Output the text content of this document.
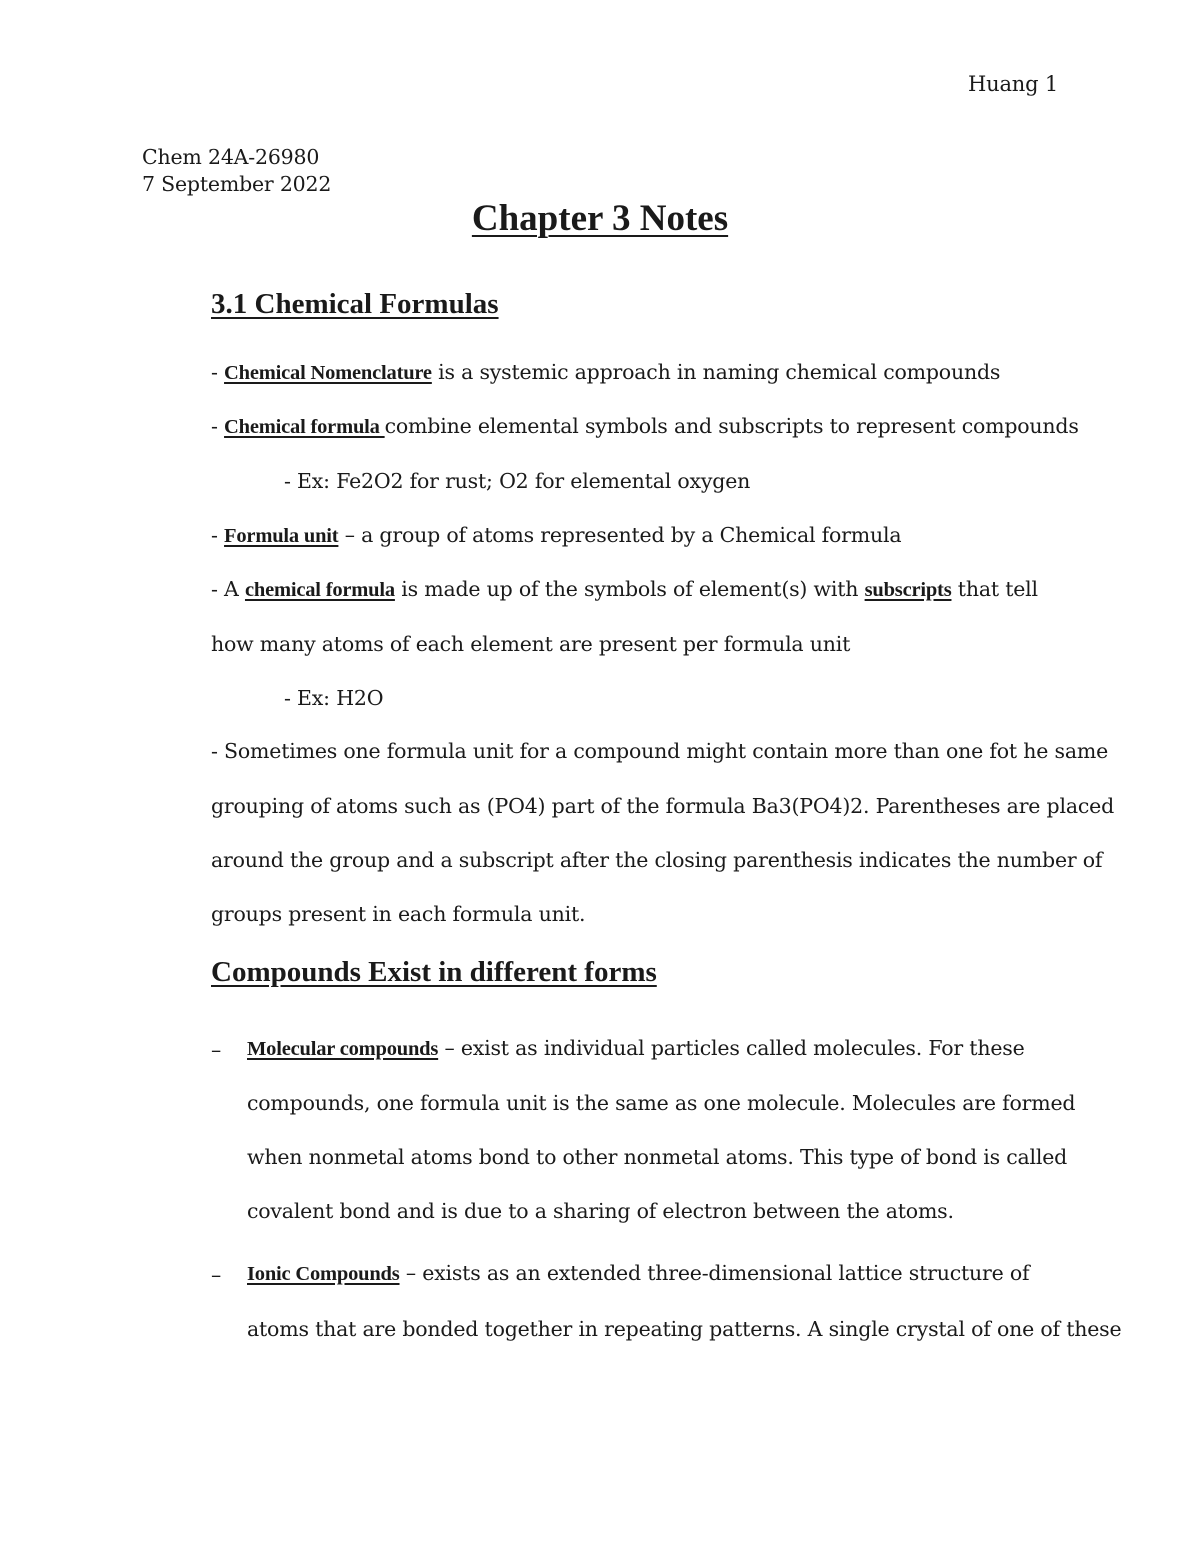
Huang 1
Chem 24A-26980
7 September 2022
Chapter 3 Notes
3.1 Chemical Formulas
- Chemical Nomenclature is a systemic approach in naming chemical compounds
- Chemical formula combine elemental symbols and subscripts to represent compounds
- Ex: Fe2O2 for rust; O2 for elemental oxygen
- Formula unit – a group of atoms represented by a Chemical formula
- A chemical formula is made up of the symbols of element(s) with subscripts that tell
how many atoms of each element are present per formula unit
- Ex: H2O
- Sometimes one formula unit for a compound might contain more than one fot he same
grouping of atoms such as (PO4) part of the formula Ba3(PO4)2. Parentheses are placed
around the group and a subscript after the closing parenthesis indicates the number of
groups present in each formula unit.
Compounds Exist in different forms
– Molecular compounds – exist as individual particles called molecules. For these
compounds, one formula unit is the same as one molecule. Molecules are formed
when nonmetal atoms bond to other nonmetal atoms. This type of bond is called
covalent bond and is due to a sharing of electron between the atoms.
– Ionic Compounds – exists as an extended three-dimensional lattice structure of
atoms that are bonded together in repeating patterns. A single crystal of one of these
